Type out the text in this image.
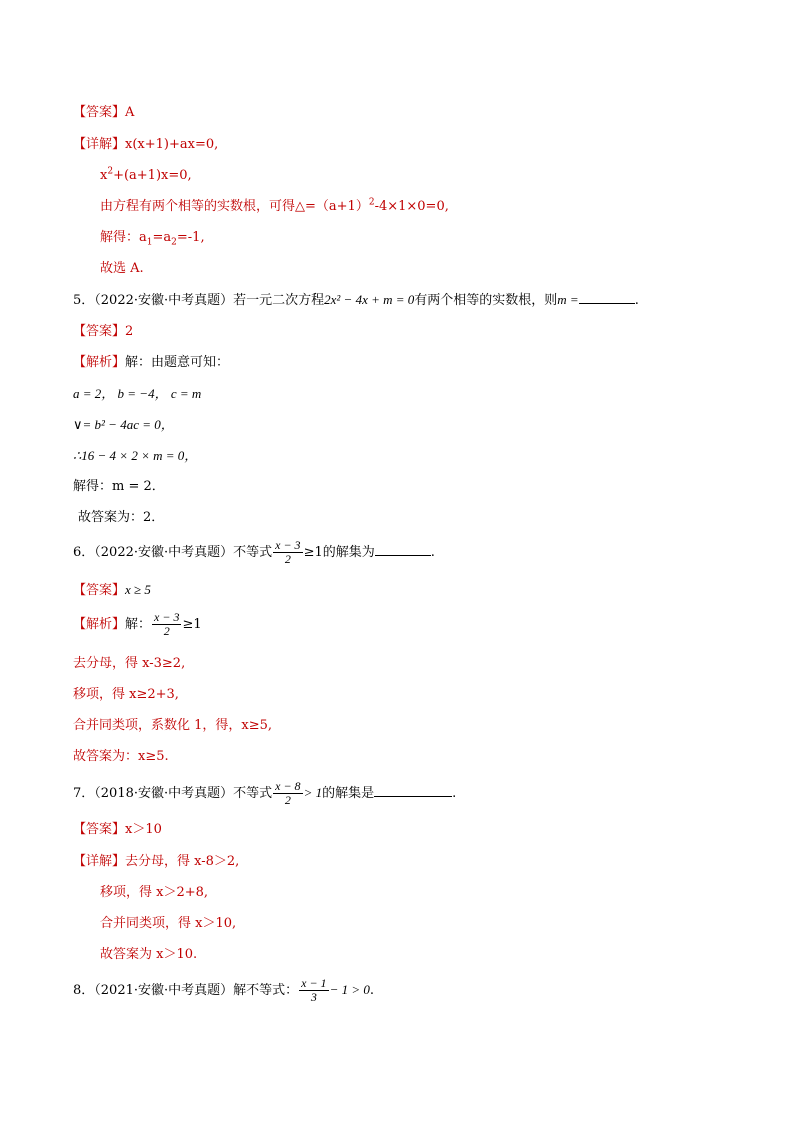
【答案】A
【详解】x(x+1)+ax=0,
$x^2+(a+1)x=0$,
由方程有两个相等的实数根，可得$\triangle=(a+1)^2-4\times 1\times 0=0$,
解得：$a_1=a_2=-1$,
故选 A.
5．（2022·安徽·中考真题）若一元二次方程2x² − 4x + m = 0有两个相等的实数根，则m =	.
【答案】2
【解析】解：由题意可知：
a = 2， b = −4， c = m
∨= b² − 4ac = 0，
∴16 − 4 × 2 × m = 0，
解得：m = 2．
故答案为：2．
6．（2022·安徽·中考真题）不等式 $\frac{x - 3}{2} \ge 1$的解集为	.
【答案】x ≥ 5
【解析】解： $\frac{x - 3}{2} \ge 1$
去分母，得 x-3≥2,
移项，得 x≥2+3,
合并同类项，系数化 1，得，x≥5,
故答案为：x≥5.
7．（2018·安徽·中考真题）不等式 $\frac{x - 8}{2} > 1$的解集是	.
【答案】x＞10
【详解】去分母，得 x-8＞2,
移项，得 x＞2+8,
合并同类项，得 x＞10,
故答案为 x＞10.
8．（2021·安徽·中考真题）解不等式： $\frac{x - 1}{3} - 1 > 0$.
